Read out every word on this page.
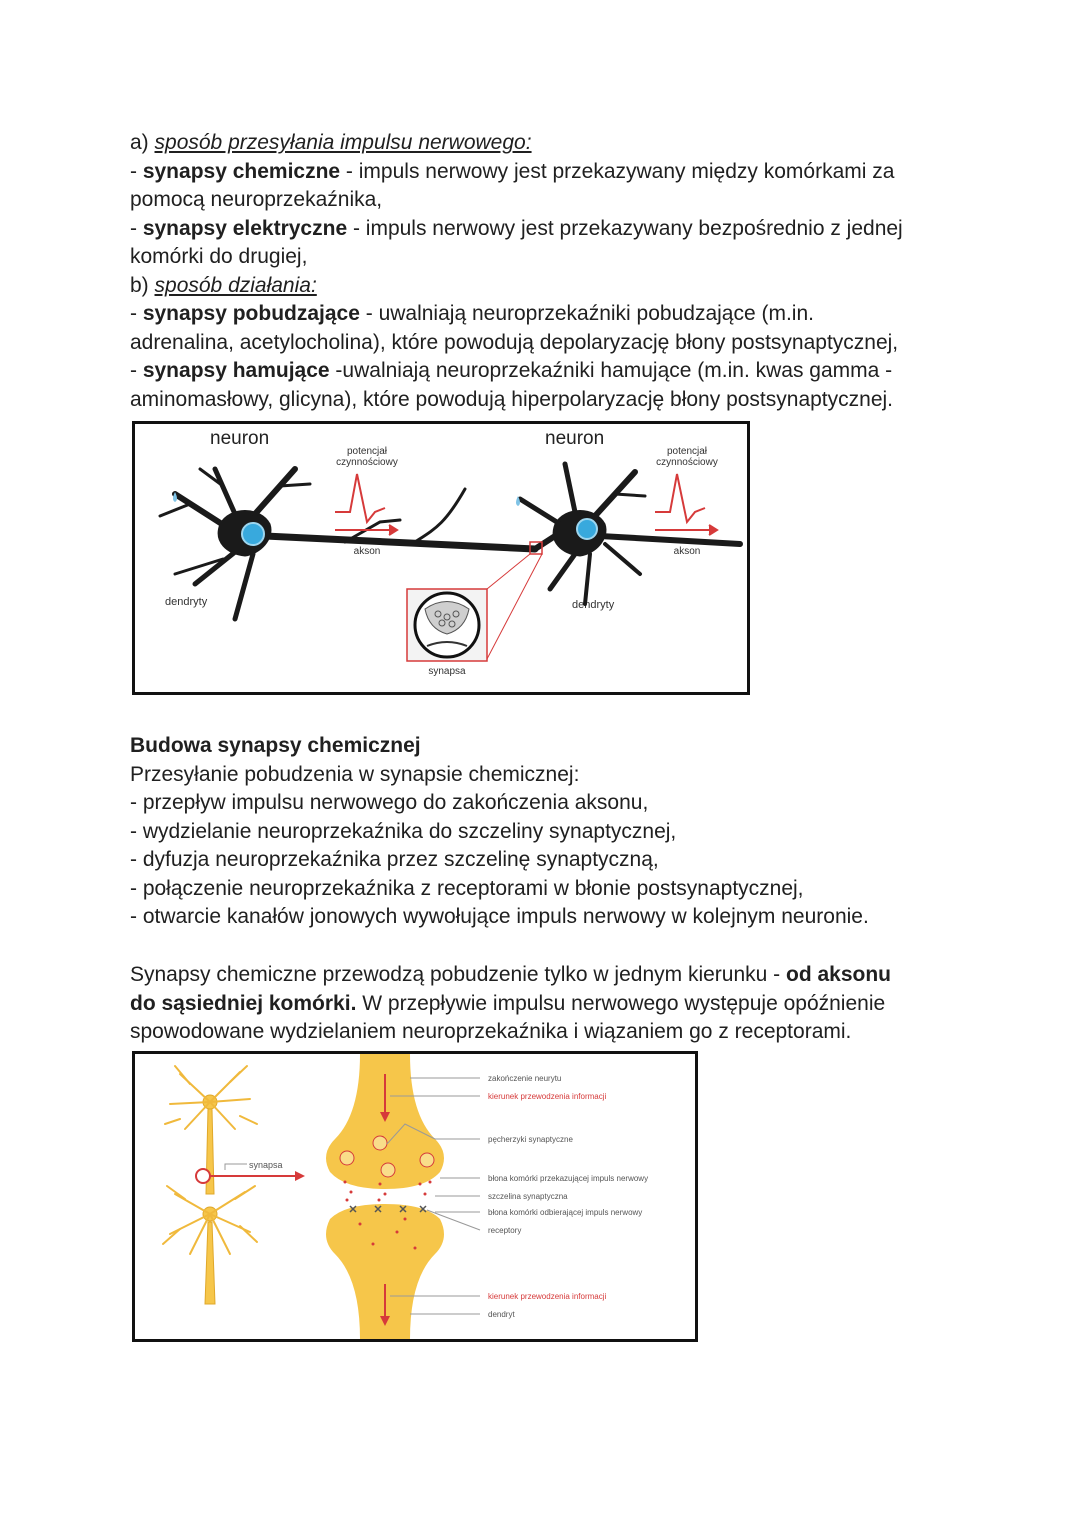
a) sposób przesyłania impulsu nerwowego:
- synapsy chemiczne - impuls nerwowy jest przekazywany między komórkami za
pomocą neuroprzekaźnika,
- synapsy elektryczne - impuls nerwowy jest przekazywany bezpośrednio z jednej
komórki do drugiej,
b) sposób działania:
- synapsy pobudzające - uwalniają neuroprzekaźniki pobudzające (m.in.
adrenalina, acetylocholina), które powodują depolaryzację błony postsynaptycznej,
- synapsy hamujące -uwalniają neuroprzekaźniki hamujące (m.in. kwas gamma -
aminomasłowy, glicyna), które powodują hiperpolaryzację błony postsynaptycznej.
neuron	neuron
potencjał
czynnościowy
potencjał
czynnościowy
akson	akson
dendryty	dendryty
synapsa
Budowa synapsy chemicznej
Przesyłanie pobudzenia w synapsie chemicznej:
- przepływ impulsu nerwowego do zakończenia aksonu,
- wydzielanie neuroprzekaźnika do szczeliny synaptycznej,
- dyfuzja neuroprzekaźnika przez szczelinę synaptyczną,
- połączenie neuroprzekaźnika z receptorami w błonie postsynaptycznej,
- otwarcie kanałów jonowych wywołujące impuls nerwowy w kolejnym neuronie.
Synapsy chemiczne przewodzą pobudzenie tylko w jednym kierunku - od aksonu
do sąsiedniej komórki. W przepływie impulsu nerwowego występuje opóźnienie
spowodowane wydzielaniem neuroprzekaźnika i wiązaniem go z receptorami.
synapsa
zakończenie neurytu
kierunek przewodzenia informacji
pęcherzyki synaptyczne
błona komórki przekazującej impuls nerwowy
szczelina synaptyczna
błona komórki odbierającej impuls nerwowy
receptory
kierunek przewodzenia informacji
dendryt
